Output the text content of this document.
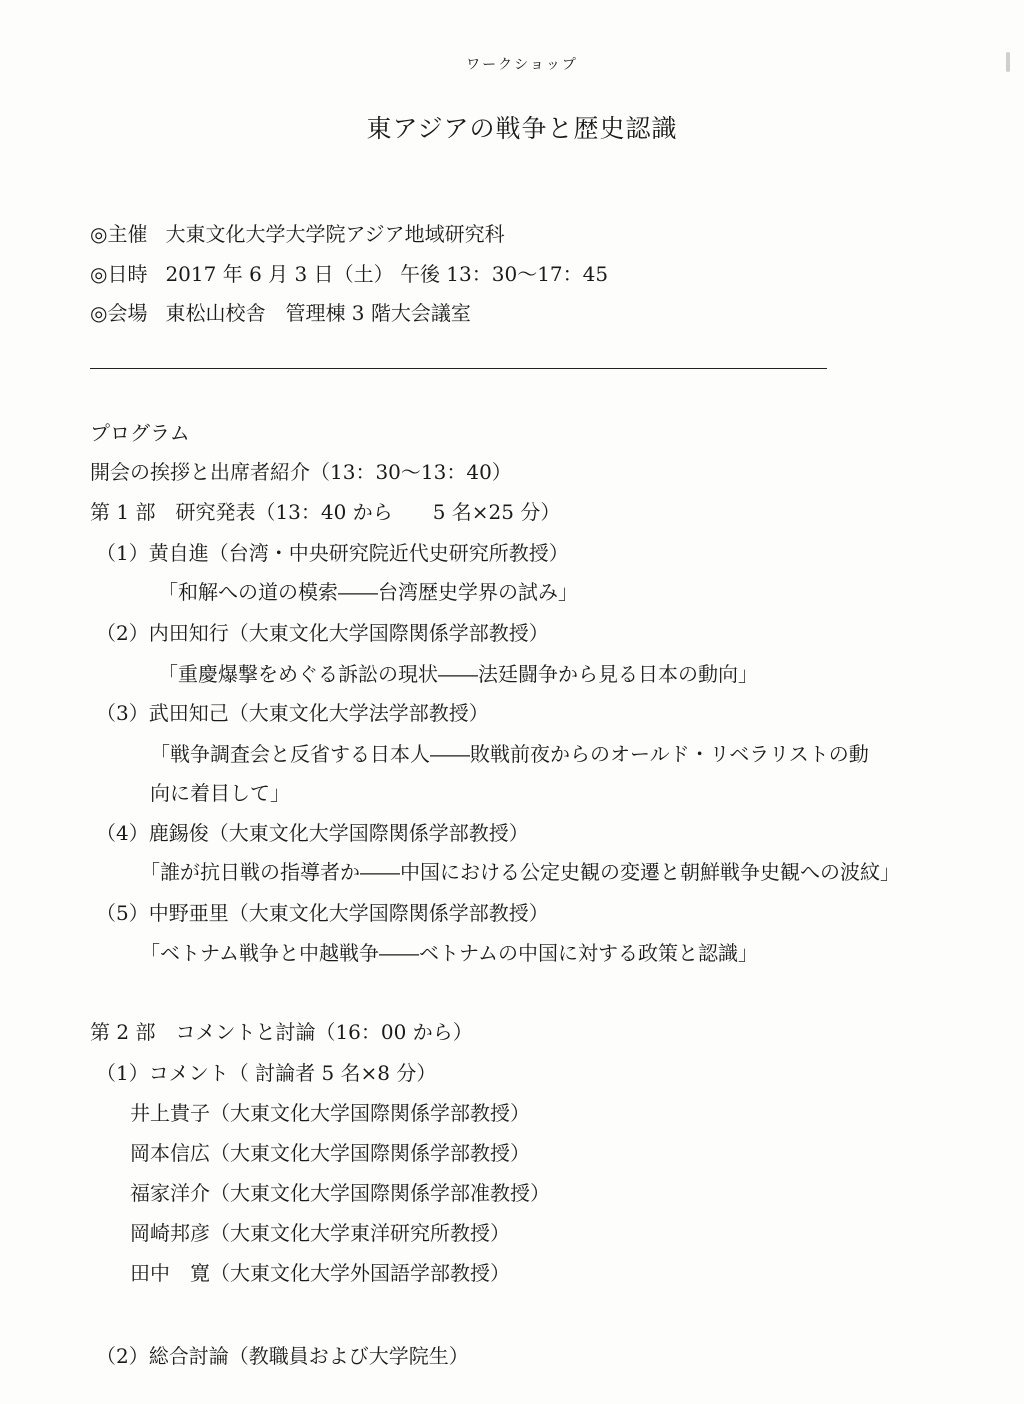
ワークショップ
東アジアの戦争と歴史認識
◎主催 大東文化大学大学院アジア地域研究科
◎日時 2017 年 6 月 3 日（土） 午後 13：30～17：45
◎会場 東松山校舎　管理棟 3 階大会議室
プログラム
開会の挨拶と出席者紹介（13：30～13：40）
第 1 部　研究発表（13：40 から　　5 名×25 分）
（1）黄自進（台湾・中央研究院近代史研究所教授）
「和解への道の模索――台湾歴史学界の試み」
（2）内田知行（大東文化大学国際関係学部教授）
「重慶爆撃をめぐる訴訟の現状――法廷闘争から見る日本の動向」
（3）武田知己（大東文化大学法学部教授）
「戦争調査会と反省する日本人――敗戦前夜からのオールド・リベラリストの動
向に着目して」
（4）鹿錫俊（大東文化大学国際関係学部教授）
「誰が抗日戦の指導者か――中国における公定史観の変遷と朝鮮戦争史観への波紋」
（5）中野亜里（大東文化大学国際関係学部教授）
「ベトナム戦争と中越戦争――ベトナムの中国に対する政策と認識」
第 2 部　コメントと討論（16：00 から）
（1）コメント（ 討論者 5 名×8 分）
井上貴子（大東文化大学国際関係学部教授）
岡本信広（大東文化大学国際関係学部教授）
福家洋介（大東文化大学国際関係学部准教授）
岡崎邦彦（大東文化大学東洋研究所教授）
田中　寛（大東文化大学外国語学部教授）
（2）総合討論（教職員および大学院生）
